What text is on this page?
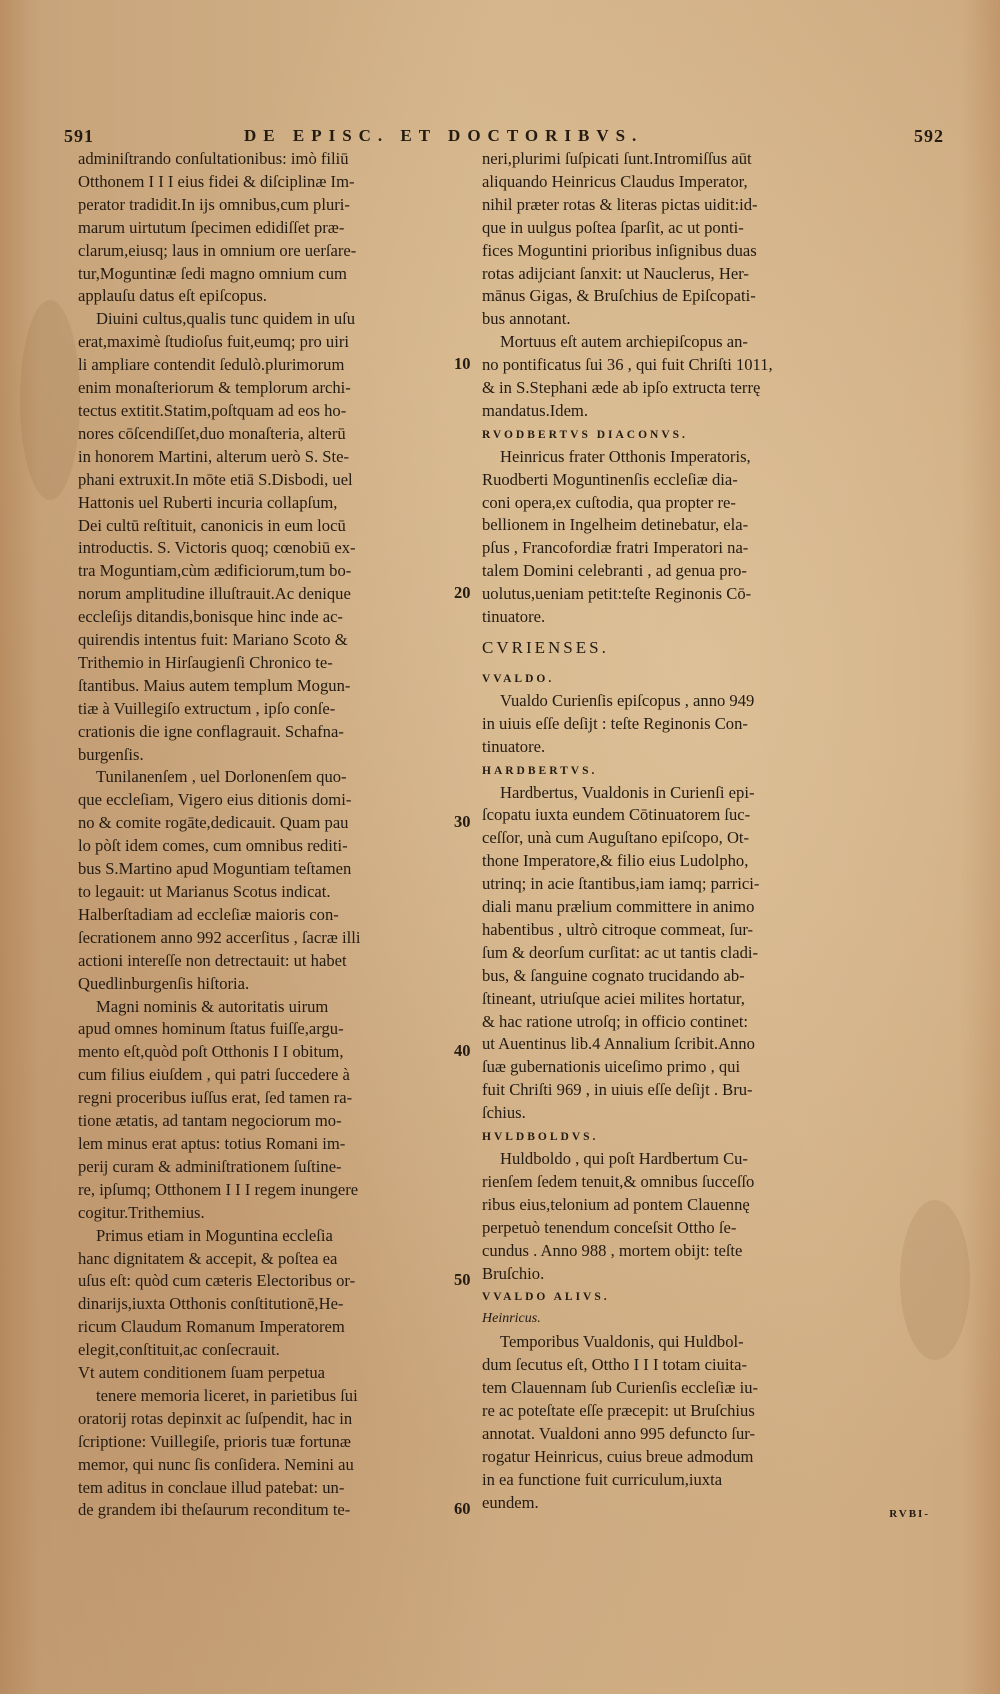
591	DE EPISC. ET DOCTORIBVS.	592

adminiſtrando conſultationibus: imò filiū

Otthonem I I I eius fidei & diſciplinæ Im-

perator tradidit.In ijs omnibus,cum pluri-

marum uirtutum ſpecimen edidiſſet præ-

clarum,eiusq; laus in omnium ore uerſare-

tur,Moguntinæ ſedi magno omnium cum

applauſu datus eſt epiſcopus.

Diuini cultus,qualis tunc quidem in uſu

erat,maximè ſtudioſus fuit,eumq; pro uiri

li ampliare contendit ſedulò.plurimorum

enim monaſteriorum & templorum archi-

tectus extitit.Statim,poſtquam ad eos ho-

nores cōſcendiſſet,duo monaſteria, alterū

in honorem Martini, alterum uerò S. Ste-

phani extruxit.In mōte etiā S.Disbodi, uel

Hattonis uel Ruberti incuria collapſum,

Dei cultū reſtituit, canonicis in eum locū

introductis. S. Victoris quoq; cœnobiū ex-

tra Moguntiam,cùm ædificiorum,tum bo-

norum amplitudine illuſtrauit.Ac denique

eccleſijs ditandis,bonisque hinc inde ac-

quirendis intentus fuit: Mariano Scoto &

Trithemio in Hirſaugienſi Chronico te-

ſtantibus. Maius autem templum Mogun-

tiæ à Vuillegiſo extructum , ipſo conſe-

crationis die igne conflagrauit. Schafna-

burgenſis.

Tunilanenſem , uel Dorlonenſem quo-

que eccleſiam, Vigero eius ditionis domi-

no & comite rogāte,dedicauit. Quam pau

lo pòſt idem comes, cum omnibus rediti-

bus S.Martino apud Moguntiam teſtamen

to legauit: ut Marianus Scotus indicat.

Halberſtadiam ad eccleſiæ maioris con-

ſecrationem anno 992 accerſitus , ſacræ illi

actioni intereſſe non detrectauit: ut habet

Quedlinburgenſis hiſtoria.

Magni nominis & autoritatis uirum

apud omnes hominum ſtatus fuiſſe,argu-

mento eſt,quòd poſt Otthonis I I obitum,

cum filius eiuſdem , qui patri ſuccedere à

regni proceribus iuſſus erat, ſed tamen ra-

tione ætatis, ad tantam negociorum mo-

lem minus erat aptus: totius Romani im-

perij curam & adminiſtrationem ſuſtine-

re, ipſumq; Otthonem I I I regem inungere

cogitur.Trithemius.

Primus etiam in Moguntina eccleſia

hanc dignitatem & accepit, & poſtea ea

uſus eſt: quòd cum cæteris Electoribus or-

dinarijs,iuxta Otthonis conſtitutionē,He-

ricum Claudum Romanum Imperatorem

elegit,conſtituit,ac conſecrauit.

Vt autem conditionem ſuam perpetua

tenere memoria liceret, in parietibus ſui

oratorij rotas depinxit ac ſuſpendit, hac in

ſcriptione: Vuillegiſe, prioris tuæ fortunæ

memor, qui nunc ſis conſidera. Nemini au

tem aditus in conclaue illud patebat: un-

de grandem ibi theſaurum reconditum te-

10
20
30
40
50
60

neri,plurimi ſuſpicati ſunt.Intromiſſus aūt

aliquando Heinricus Claudus Imperator,

nihil præter rotas & literas pictas uidit:id-

que in uulgus poſtea ſparſit, ac ut ponti-

fices Moguntini prioribus inſignibus duas

rotas adijciant ſanxit: ut Nauclerus, Her-

mānus Gigas, & Bruſchius de Epiſcopati-

bus annotant.

Mortuus eſt autem archiepiſcopus an-

no pontificatus ſui 36 , qui fuit Chriſti 1011,

& in S.Stephani æde ab ipſo extructa terrę

mandatus.Idem.

RVODBERTVS DIACONVS.

Heinricus frater Otthonis Imperatoris,

Ruodberti Moguntinenſis eccleſiæ dia-

coni opera,ex cuſtodia, qua propter re-

bellionem in Ingelheim detinebatur, ela-

pſus , Francofordiæ fratri Imperatori na-

talem Domini celebranti , ad genua pro-

uolutus,ueniam petit:teſte Reginonis Cō-

tinuatore.

CVRIENSES.

VVALDO.

Vualdo Curienſis epiſcopus , anno 949

in uiuis eſſe deſijt : teſte Reginonis Con-

tinuatore.

HARDBERTVS.

Hardbertus, Vualdonis in Curienſi epi-

ſcopatu iuxta eundem Cōtinuatorem ſuc-

ceſſor, unà cum Auguſtano epiſcopo, Ot-

thone Imperatore,& filio eius Ludolpho,

utrinq; in acie ſtantibus,iam iamq; parrici-

diali manu prælium committere in animo

habentibus , ultrò citroque commeat, ſur-

ſum & deorſum curſitat: ac ut tantis cladi-

bus, & ſanguine cognato trucidando ab-

ſtineant, utriuſque aciei milites hortatur,

& hac ratione utroſq; in officio continet:

ut Auentinus lib.4 Annalium ſcribit.Anno

ſuæ gubernationis uiceſimo primo , qui

fuit Chriſti 969 , in uiuis eſſe deſijt . Bru-

ſchius.

HVLDBOLDVS.

Huldboldo , qui poſt Hardbertum Cu-

rienſem ſedem tenuit,& omnibus ſucceſſo

ribus eius,telonium ad pontem Clauennę

perpetuò tenendum conceſsit Ottho ſe-

cundus . Anno 988 , mortem obijt: teſte

Bruſchio.

VVALDO ALIVS.

Heinricus.

Temporibus Vualdonis, qui Huldbol-

dum ſecutus eſt, Ottho I I I totam ciuita-

tem Clauennam ſub Curienſis eccleſiæ iu-

re ac poteſtate eſſe præcepit: ut Bruſchius

annotat. Vualdoni anno 995 defuncto ſur-

rogatur Heinricus, cuius breue admodum

in ea functione fuit curriculum,iuxta

eundem.

RVBI-
